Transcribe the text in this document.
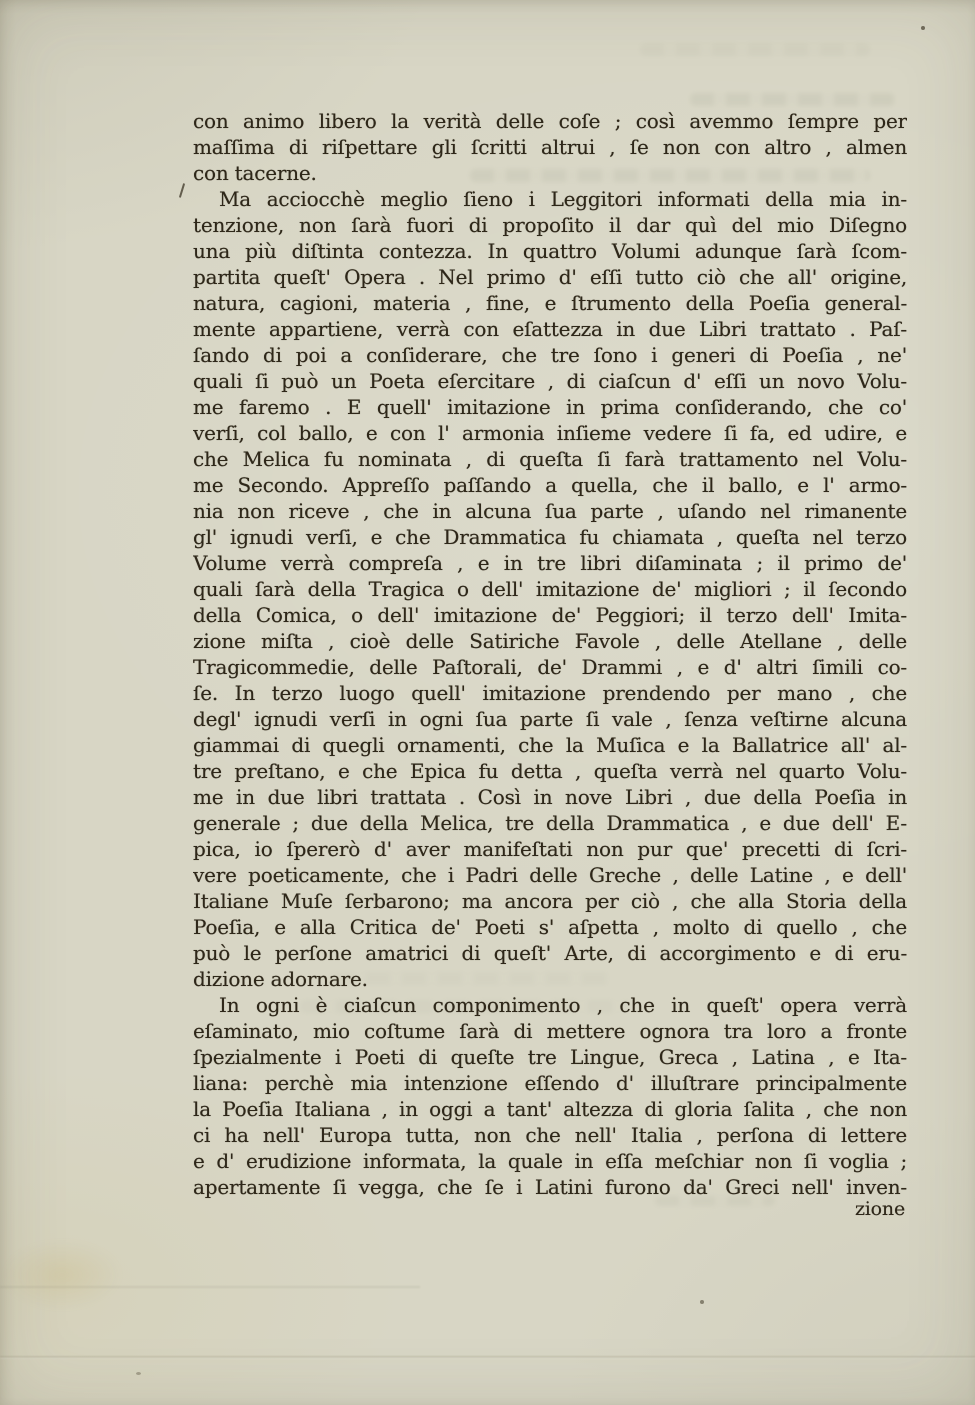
con animo libero la verità delle coſe ; così avemmo ſempre per
maſſima di riſpettare gli ſcritti altrui , ſe non con altro , almen
con tacerne.
Ma acciocchè meglio ſieno i Leggitori informati della mia in-
tenzione, non ſarà fuori di propoſito il dar quì del mio Diſegno
una più diſtinta contezza. In quattro Volumi adunque ſarà ſcom-
partita queſt' Opera . Nel primo d' eſſi tutto ciò che all' origine,
natura, cagioni, materia , fine, e ſtrumento della Poeſia general-
mente appartiene, verrà con eſattezza in due Libri trattato . Paſ-
ſando di poi a conſiderare, che tre ſono i generi di Poeſia , ne'
quali ſi può un Poeta eſercitare , di ciaſcun d' eſſi un novo Volu-
me faremo . E quell' imitazione in prima conſiderando, che co'
verſi, col ballo, e con l' armonia inſieme vedere ſi fa, ed udire, e
che Melica fu nominata , di queſta ſi farà trattamento nel Volu-
me Secondo. Appreſſo paſſando a quella, che il ballo, e l' armo-
nia non riceve , che in alcuna ſua parte , uſando nel rimanente
gl' ignudi verſi, e che Drammatica fu chiamata , queſta nel terzo
Volume verrà compreſa , e in tre libri diſaminata ; il primo de'
quali ſarà della Tragica o dell' imitazione de' migliori ; il ſecondo
della Comica, o dell' imitazione de' Peggiori; il terzo dell' Imita-
zione miſta , cioè delle Satiriche Favole , delle Atellane , delle
Tragicommedie, delle Paſtorali, de' Drammi , e d' altri ſimili co-
ſe. In terzo luogo quell' imitazione prendendo per mano , che
degl' ignudi verſi in ogni ſua parte ſi vale , ſenza veſtirne alcuna
giammai di quegli ornamenti, che la Muſica e la Ballatrice all' al-
tre preſtano, e che Epica fu detta , queſta verrà nel quarto Volu-
me in due libri trattata . Così in nove Libri , due della Poeſia in
generale ; due della Melica, tre della Drammatica , e due dell' E-
pica, io ſpererò d' aver manifeſtati non pur que' precetti di ſcri-
vere poeticamente, che i Padri delle Greche , delle Latine , e dell'
Italiane Muſe ſerbarono; ma ancora per ciò , che alla Storia della
Poeſia, e alla Critica de' Poeti s' aſpetta , molto di quello , che
può le perſone amatrici di queſt' Arte, di accorgimento e di eru-
dizione adornare.
In ogni è ciaſcun componimento , che in queſt' opera verrà
eſaminato, mio coſtume ſarà di mettere ognora tra loro a fronte
ſpezialmente i Poeti di queſte tre Lingue, Greca , Latina , e Ita-
liana: perchè mia intenzione eſſendo d' illuſtrare principalmente
la Poeſia Italiana , in oggi a tant' altezza di gloria ſalita , che non
ci ha nell' Europa tutta, non che nell' Italia , perſona di lettere
e d' erudizione informata, la quale in eſſa meſchiar non ſi voglia ;
apertamente ſi vegga, che ſe i Latini furono da' Greci nell' inven-
zione
